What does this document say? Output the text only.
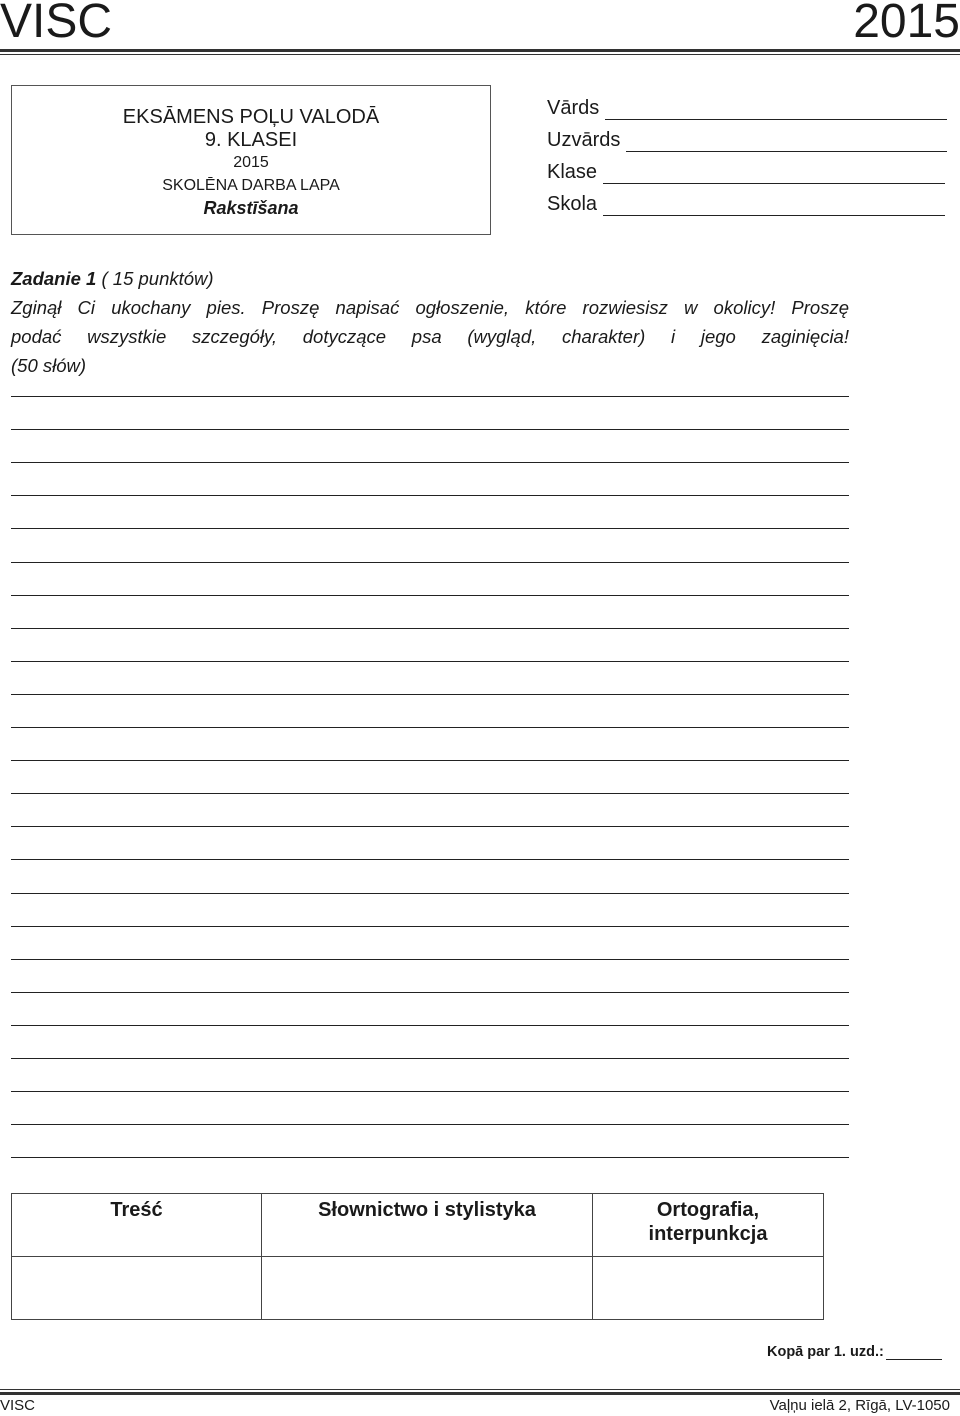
VISC	2015
EKSĀMENS POĻU VALODĀ
9. KLASEI
2015
SKOLĒNA DARBA LAPA
Rakstīšana
Vārds
Uzvārds
Klase
Skola
Zadanie 1 ( 15 punktów)
Zginął Ci ukochany pies. Proszę napisać ogłoszenie, które rozwiesisz w okolicy! Proszę
podać wszystkie szczegóły, dotyczące psa (wygląd, charakter) i jego zaginięcia!
(50 słów)
Treść	Słownictwo i stylistyka	Ortografia,
interpunkcja

Kopā par 1. uzd.:
VISC	Vaļņu ielā 2, Rīgā, LV-1050
